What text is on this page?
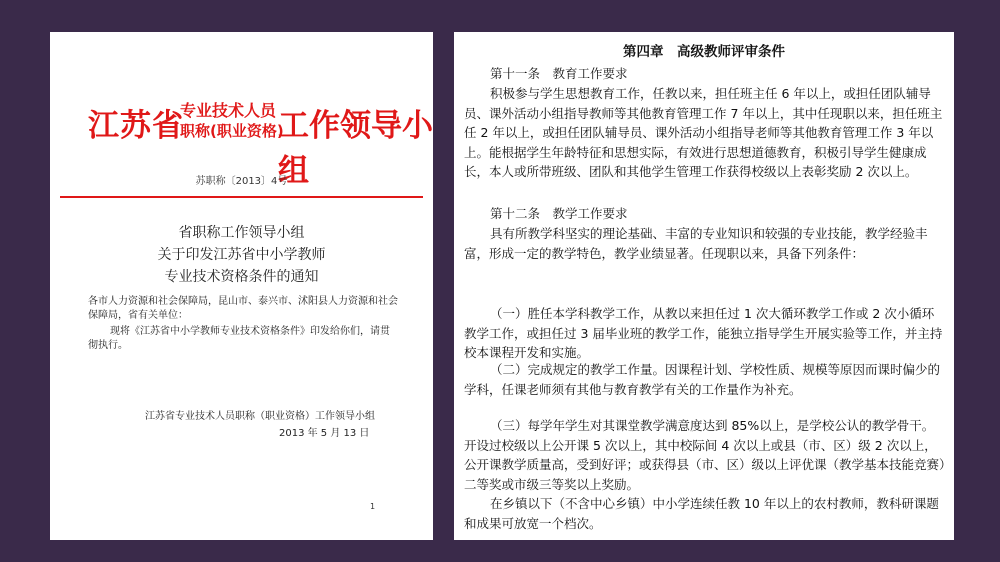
江苏省
专业技术人员
职称(职业资格)
工作领导小组
苏职称〔2013〕4号
省职称工作领导小组
关于印发江苏省中小学教师
专业技术资格条件的通知
各市人力资源和社会保障局，昆山市、泰兴市、沭阳县人力资源和社会保障局，省有关单位：
现将《江苏省中小学教师专业技术资格条件》印发给你们，请贯彻执行。
江苏省专业技术人员职称（职业资格）工作领导小组
2013 年 5 月 13 日
1
第四章　高级教师评审条件
第十一条　教育工作要求
积极参与学生思想教育工作，任教以来，担任班主任 6 年以上，或担任团队辅导员、课外活动小组指导教师等其他教育管理工作 7 年以上，其中任现职以来，担任班主任 2 年以上，或担任团队辅导员、课外活动小组指导老师等其他教育管理工作 3 年以上。能根据学生年龄特征和思想实际，有效进行思想道德教育，积极引导学生健康成长，本人或所带班级、团队和其他学生管理工作获得校级以上表彰奖励 2 次以上。
第十二条　教学工作要求
具有所教学科坚实的理论基础、丰富的专业知识和较强的专业技能，教学经验丰富，形成一定的教学特色，教学业绩显著。任现职以来，具备下列条件：
（一）胜任本学科教学工作，从教以来担任过 1 次大循环教学工作或 2 次小循环教学工作，或担任过 3 届毕业班的教学工作，能独立指导学生开展实验等工作，并主持校本课程开发和实施。
（二）完成规定的教学工作量。因课程计划、学校性质、规模等原因而课时偏少的学科，任课老师须有其他与教育教学有关的工作量作为补充。
（三）每学年学生对其课堂教学满意度达到 85%以上，是学校公认的教学骨干。开设过校级以上公开课 5 次以上，其中校际间 4 次以上或县（市、区）级 2 次以上，公开课教学质量高，受到好评；或获得县（市、区）级以上评优课（教学基本技能竞赛）二等奖或市级三等奖以上奖励。
在乡镇以下（不含中心乡镇）中小学连续任教 10 年以上的农村教师，教科研课题和成果可放宽一个档次。
